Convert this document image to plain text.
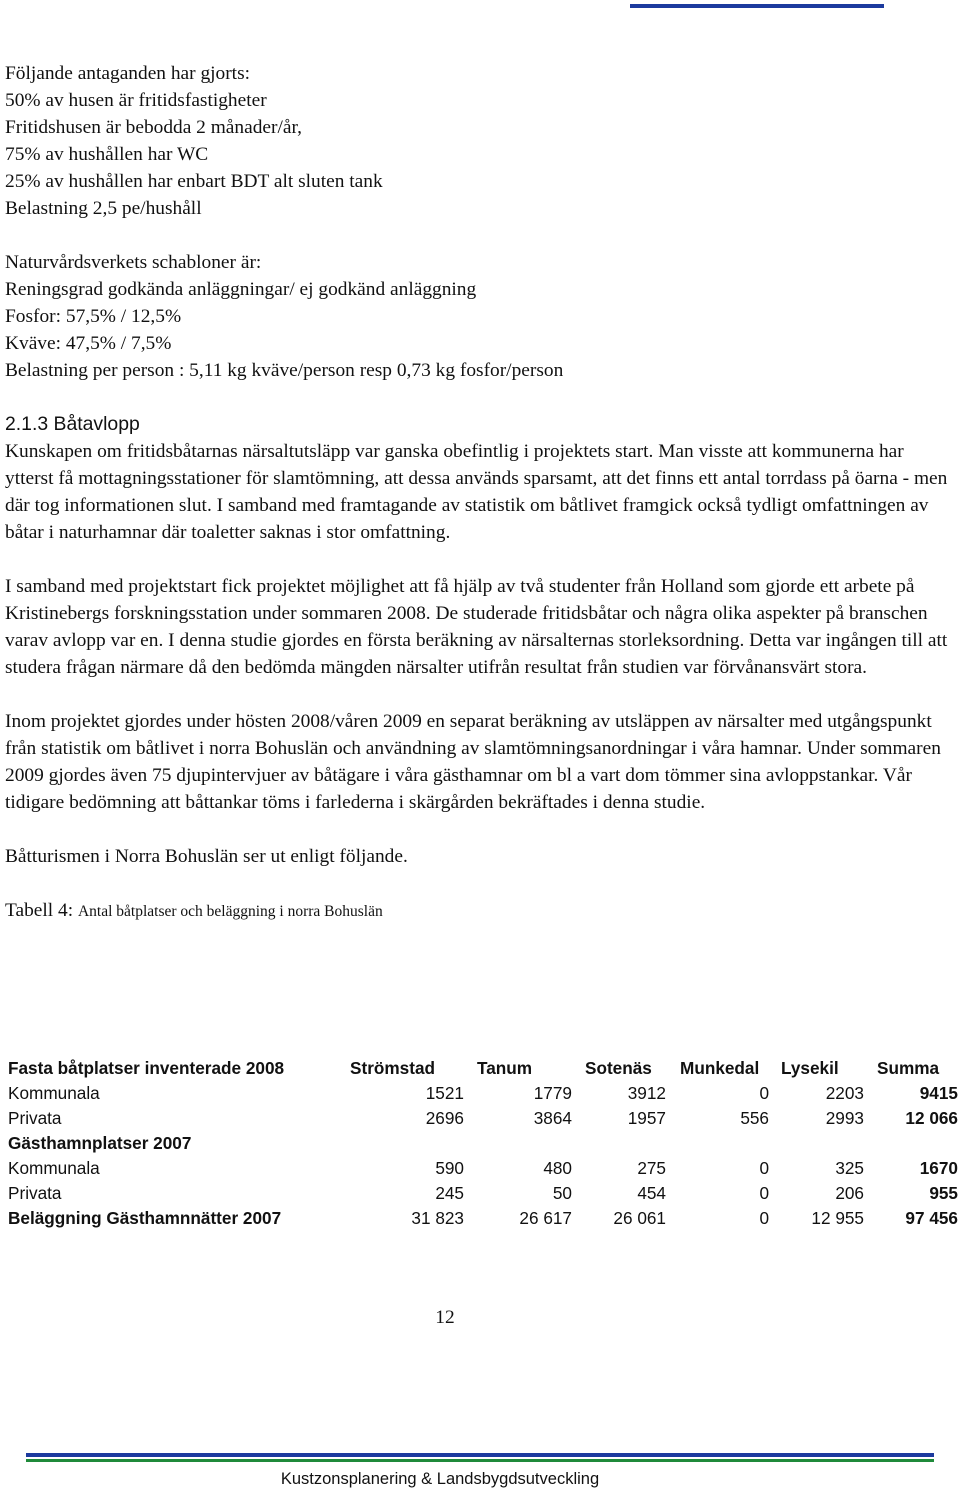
Följande antaganden har gjorts:
50% av husen är fritidsfastigheter
Fritidshusen är bebodda 2 månader/år,
75% av hushållen har WC
25% av hushållen har enbart BDT alt sluten tank
Belastning 2,5 pe/hushåll
Naturvårdsverkets schabloner är:
Reningsgrad godkända anläggningar/ ej godkänd anläggning
Fosfor: 57,5% / 12,5%
Kväve: 47,5% / 7,5%
Belastning per person : 5,11 kg kväve/person resp 0,73 kg fosfor/person
2.1.3 Båtavlopp

Kunskapen om fritidsbåtarnas närsaltutsläpp var ganska obefintlig i projektets start. Man visste att kommunerna har ytterst få mottagningsstationer för slamtömning, att dessa används sparsamt, att det finns ett antal torrdass på öarna - men där tog informationen slut. I samband med framtagande av statistik om båtlivet framgick också tydligt omfattningen av båtar i naturhamnar där toaletter saknas i stor omfattning.

I samband med projektstart fick projektet möjlighet att få hjälp av två studenter från Holland som gjorde ett arbete på Kristinebergs forskningsstation under sommaren 2008. De studerade fritidsbåtar och några olika aspekter på branschen varav avlopp var en. I denna studie gjordes en första beräkning av närsalternas storleksordning. Detta var ingången till att studera frågan närmare då den bedömda mängden närsalter utifrån resultat från studien var förvånansvärt stora.

Inom projektet gjordes under hösten 2008/våren 2009 en separat beräkning av utsläppen av närsalter med utgångspunkt från statistik om båtlivet i norra Bohuslän och användning av slamtömningsanordningar i våra hamnar. Under sommaren 2009 gjordes även 75 djupintervjuer av båtägare i våra gästhamnar om bl a vart dom tömmer sina avloppstankar. Vår tidigare bedömning att båttankar töms i farlederna i skärgården bekräftades i denna studie.

Båtturismen i Norra Bohuslän ser ut enligt följande.

Tabell 4: Antal båtplatser och beläggning i norra Bohuslän

Fasta båtplatser inventerade 2008	Strömstad	Tanum	Sotenäs	Munkedal	Lysekil	Summa
Kommunala	1521	1779	3912	0	2203	9415
Privata	2696	3864	1957	556	2993	12 066
Gästhamnplatser 2007						
Kommunala	590	480	275	0	325	1670
Privata	245	50	454	0	206	955
Beläggning Gästhamnnätter 2007	31 823	26 617	26 061	0	12 955	97 456
12
Kustzonsplanering & Landsbygdsutveckling
